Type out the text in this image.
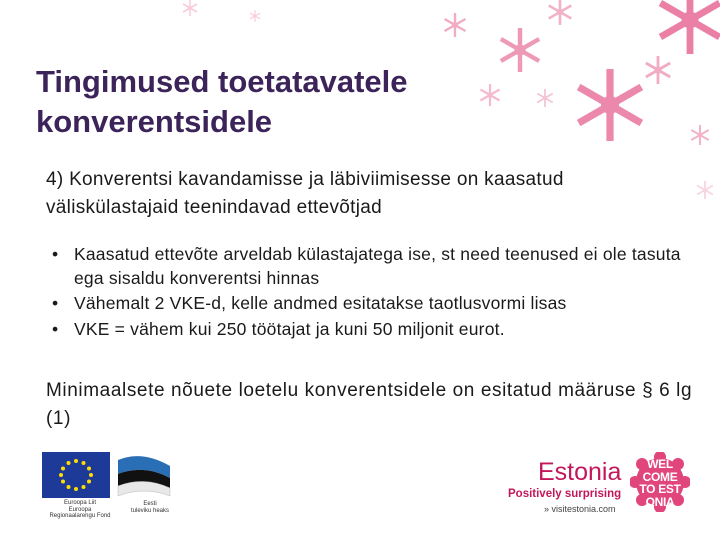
Tingimused toetatavatele
konverentsidele
4) Konverentsi kavandamisse ja läbiviimisesse on kaasatud väliskülastajaid teenindavad ettevõtjad
• Kaasatud ettevõte arveldab külastajatega ise, st need teenused ei ole tasuta ega sisaldu konverentsi hinnas
• Vähemalt 2 VKE-d, kelle andmed esitatakse taotlusvormi lisas
• VKE = vähem kui 250 töötajat ja kuni 50 miljonit eurot.
Minimaalsete nõuete loetelu konverentsidele on esitatud määruse § 6 lg (1)
Euroopa Liit
Euroopa
Regionaalarengu Fond
Eesti
tuleviku heaks
Estonia
Positively surprising
» visitestonia.com
WEL
COME
TO EST
ONIA
